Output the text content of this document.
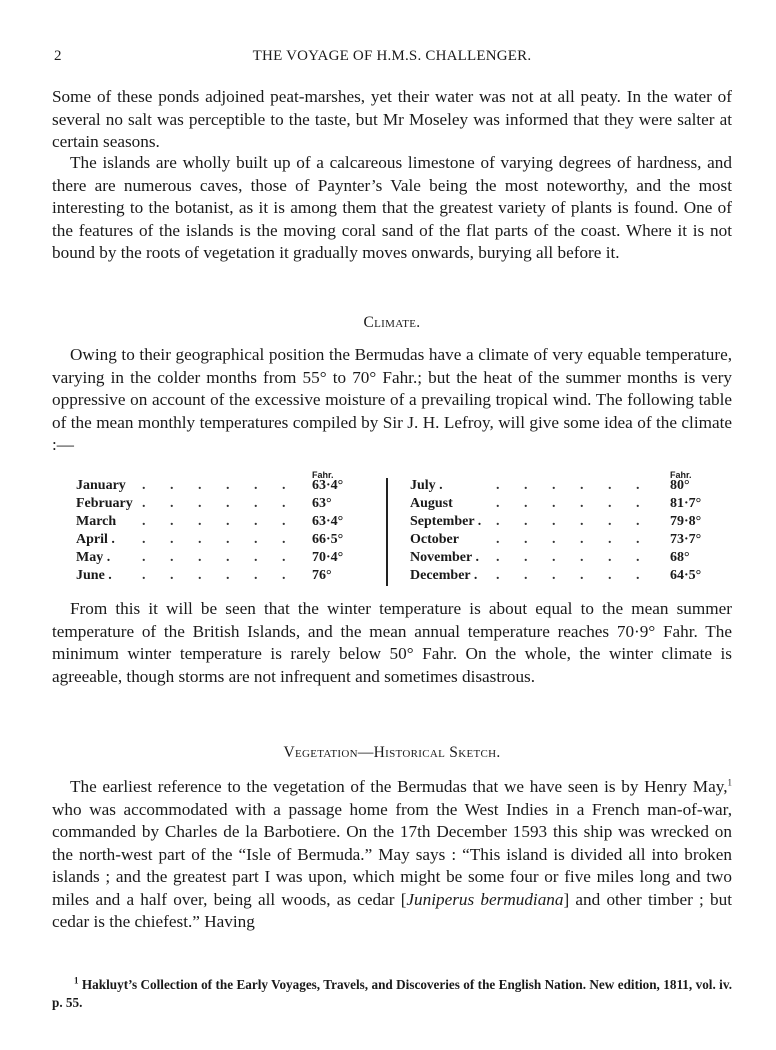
2	THE VOYAGE OF H.M.S. CHALLENGER.

Some of these ponds adjoined peat-marshes, yet their water was not at all peaty. In the water of several no salt was perceptible to the taste, but Mr Moseley was informed that they were salter at certain seasons.

The islands are wholly built up of a calcareous limestone of varying degrees of hardness, and there are numerous caves, those of Paynter’s Vale being the most noteworthy, and the most interesting to the botanist, as it is among them that the greatest variety of plants is found. One of the features of the islands is the moving coral sand of the flat parts of the coast. Where it is not bound by the roots of vegetation it gradually moves onwards, burying all before it.

Climate.

Owing to their geographical position the Bermudas have a climate of very equable temperature, varying in the colder months from 55° to 70° Fahr.; but the heat of the summer months is very oppressive on account of the excessive moisture of a prevailing tropical wind. The following table of the mean monthly temperatures compiled by Sir J. H. Lefroy, will give some idea of the climate :—

Fahr.
January .       .       .       .       .       .	63·4°
February .       .       .       .       .       .	63°
March .       .       .       .       .       .	63·4°
April . .       .       .       .       .       .	66·5°
May . .       .       .       .       .       .	70·4°
June . .       .       .       .       .       .	76°
Fahr.
July .	.       .       .       .       .       .	80°
August	.       .       .       .       .       .	81·7°
September . .       .       .       .       .       .	79·8°
October	.       .       .       .       .       .	73·7°
November . .       .       .       .       .       .	68°
December . .       .       .       .       .       .	64·5°

From this it will be seen that the winter temperature is about equal to the mean summer temperature of the British Islands, and the mean annual temperature reaches 70·9° Fahr. The minimum winter temperature is rarely below 50° Fahr. On the whole, the winter climate is agreeable, though storms are not infrequent and sometimes disastrous.

Vegetation—Historical Sketch.

The earliest reference to the vegetation of the Bermudas that we have seen is by Henry May,$^1$ who was accommodated with a passage home from the West Indies in a French man-of-war, commanded by Charles de la Barbotiere. On the 17th December 1593 this ship was wrecked on the north-west part of the “Isle of Bermuda.” May says : “This island is divided all into broken islands ; and the greatest part I was upon, which might be some four or five miles long and two miles and a half over, being all woods, as cedar [Juniperus bermudiana] and other timber ; but cedar is the chiefest.” Having

$^1$ Hakluyt’s Collection of the Early Voyages, Travels, and Discoveries of the English Nation. New edition, 1811, vol. iv. p. 55.
